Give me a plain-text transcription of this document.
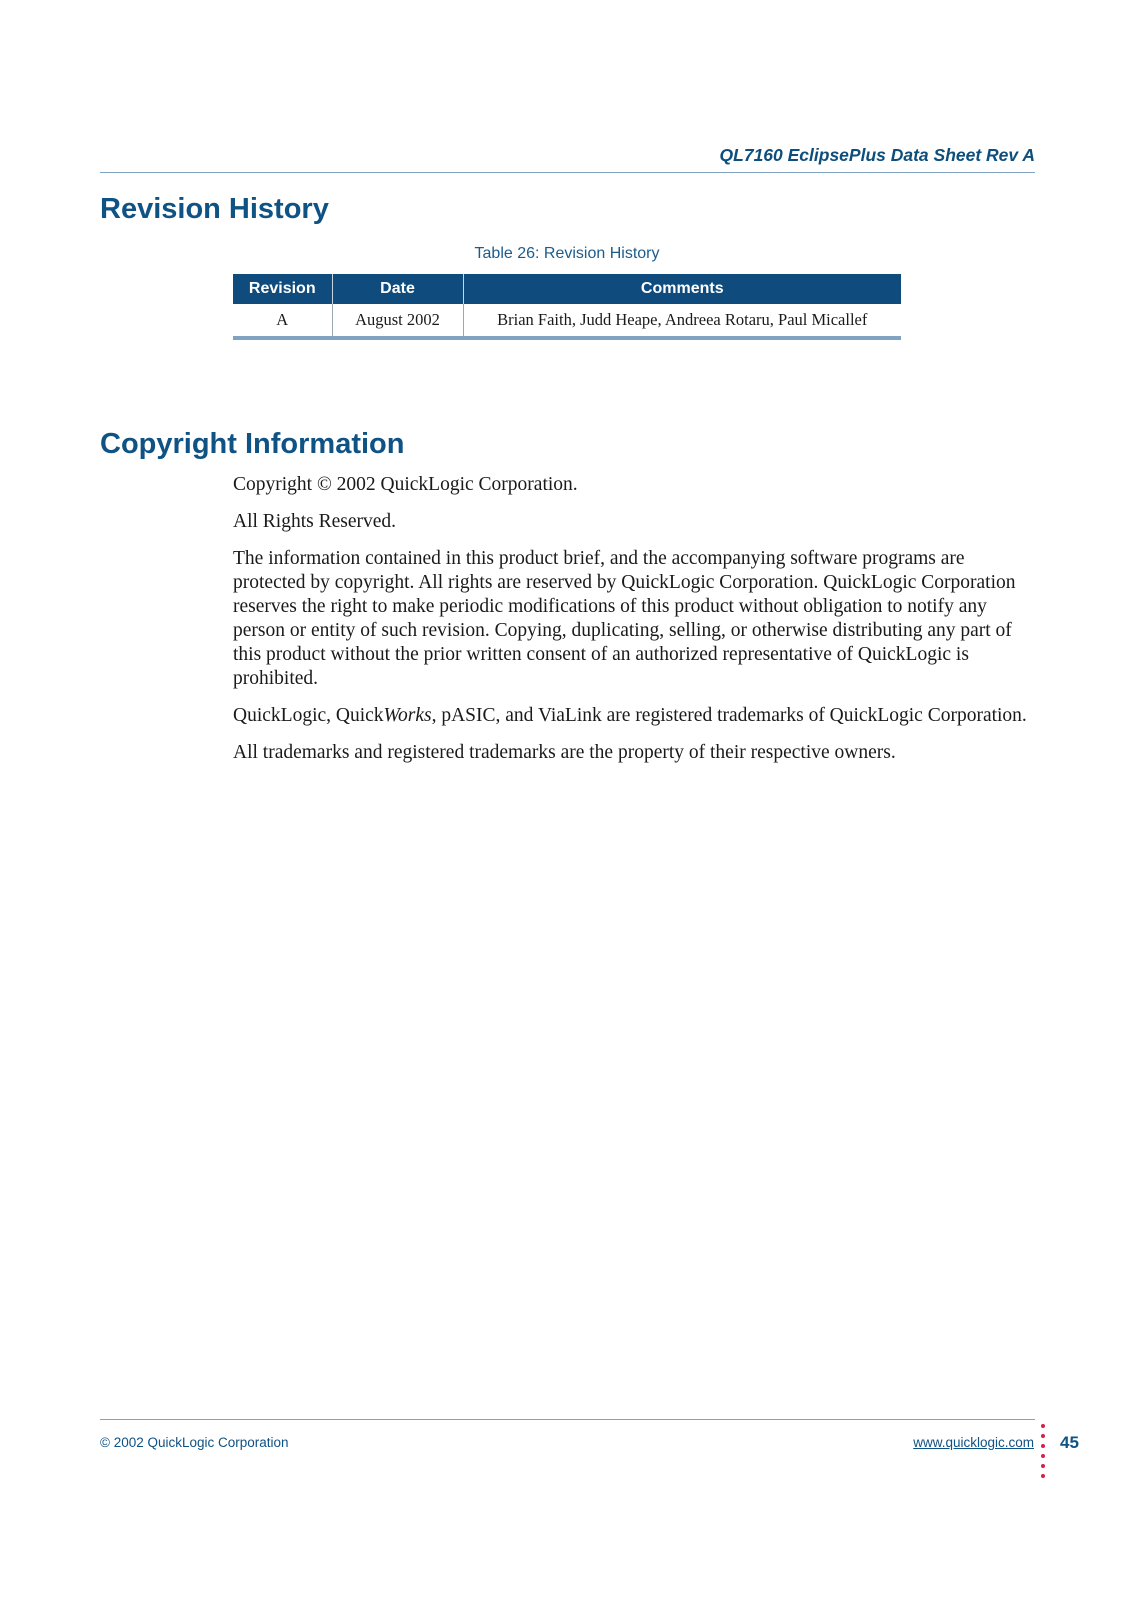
QL7160 EclipsePlus Data Sheet Rev A
Revision History
Table 26: Revision History
Revision	Date	Comments
A	August 2002	Brian Faith, Judd Heape, Andreea Rotaru, Paul Micallef
Copyright Information

Copyright © 2002 QuickLogic Corporation.

All Rights Reserved.

The information contained in this product brief, and the accompanying software programs are protected by copyright. All rights are reserved by QuickLogic Corporation. QuickLogic Corporation reserves the right to make periodic modifications of this product without obligation to notify any person or entity of such revision. Copying, duplicating, selling, or otherwise distributing any part of this product without the prior written consent of an authorized representative of QuickLogic is prohibited.

QuickLogic, QuickWorks, pASIC, and ViaLink are registered trademarks of QuickLogic Corporation.

All trademarks and registered trademarks are the property of their respective owners.

© 2002 QuickLogic Corporation	www.quicklogic.com 45
